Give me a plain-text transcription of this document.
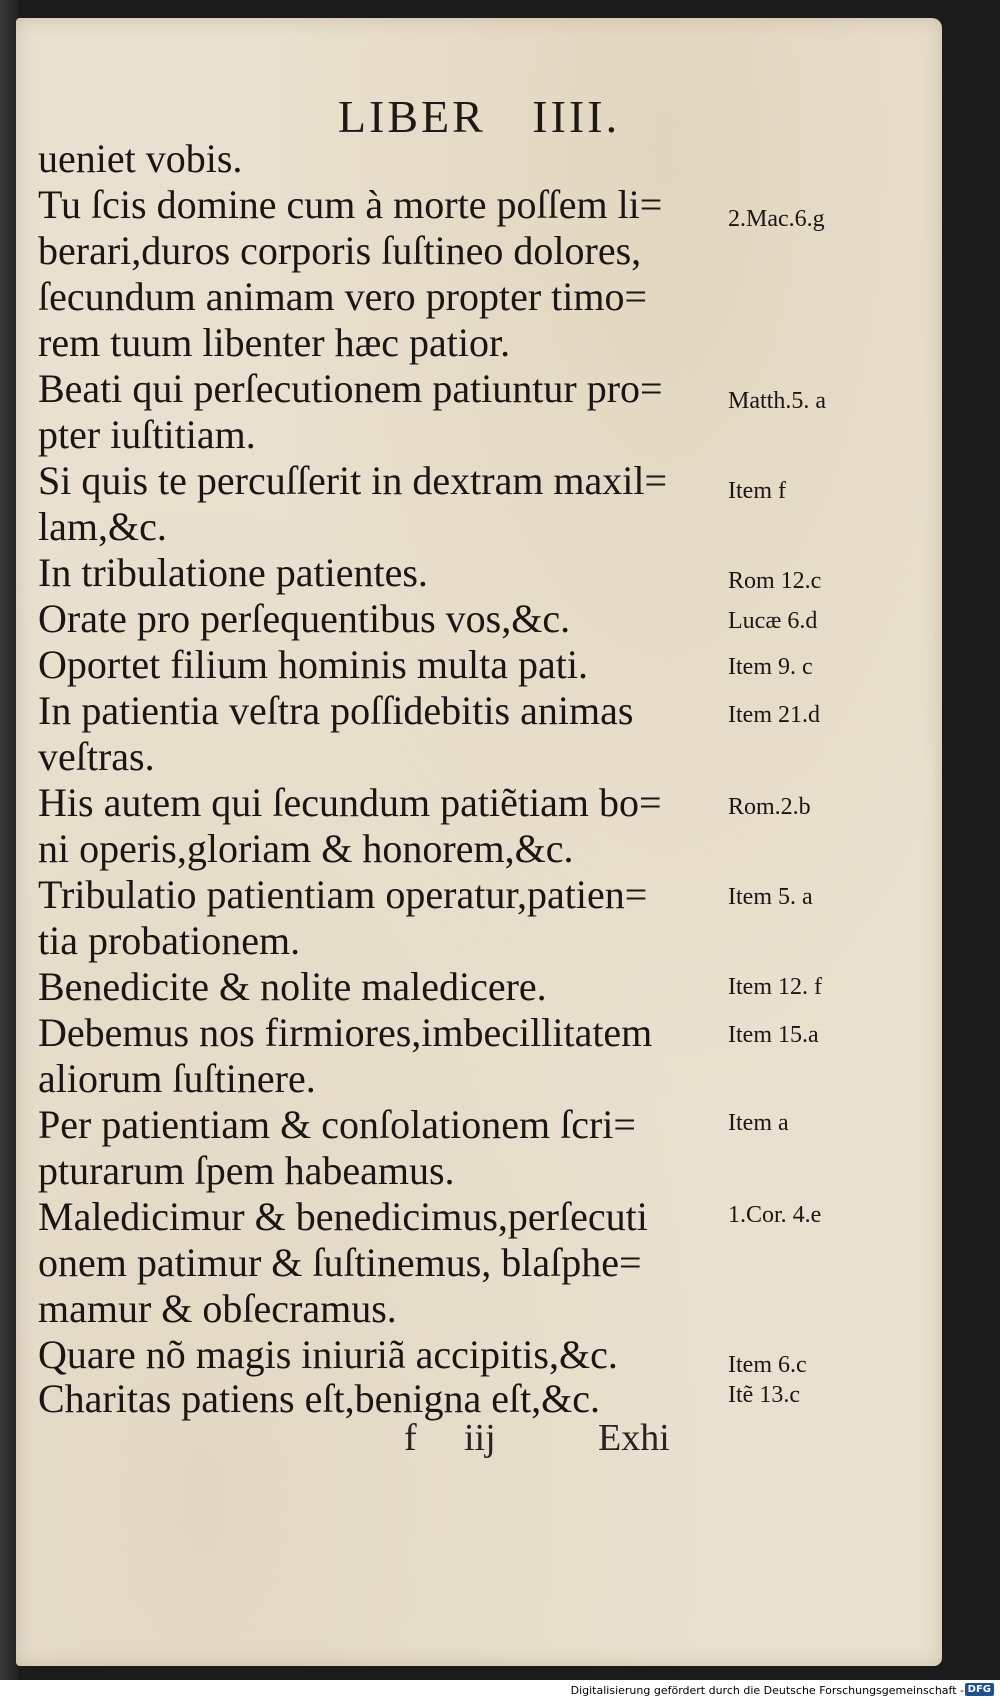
LIBER IIII.
ueniet vobis.
Tu ſcis domine cum à morte poſſem li=
berari,duros corporis ſuſtineo dolores,
ſecundum animam vero propter timo=
rem tuum libenter hæc patior.
Beati qui perſecutionem patiuntur pro=
pter iuſtitiam.
Si quis te percuſſerit in dextram maxil=
lam,&c.
In tribulatione patientes.
Orate pro perſequentibus vos,&c.
Oportet filium hominis multa pati.
In patientia veſtra poſſidebitis animas
veſtras.
His autem qui ſecundum patiẽtiam bo=
ni operis,gloriam & honorem,&c.
Tribulatio patientiam operatur,patien=
tia probationem.
Benedicite & nolite maledicere.
Debemus nos firmiores,imbecillitatem
aliorum ſuſtinere.
Per patientiam & conſolationem ſcri=
pturarum ſpem habeamus.
Maledicimur & benedicimus,perſecuti
onem patimur & ſuſtinemus, blaſphe=
mamur & obſecramus.
Quare nõ magis iniuriã accipitis,&c.
Charitas patiens eſt,benigna eſt,&c.
2.Mac.6.g
Matth.5. a
Item f
Rom 12.c
Lucæ 6.d
Item 9. c
Item 21.d
Rom.2.b
Item 5. a
Item 12. f
Item 15.a
Item a
1.Cor. 4.e
Item 6.c
Itẽ 13.c
f iij	Exhi
Digitalisierung gefördert durch die Deutsche Forschungsgemeinschaft - DFG
